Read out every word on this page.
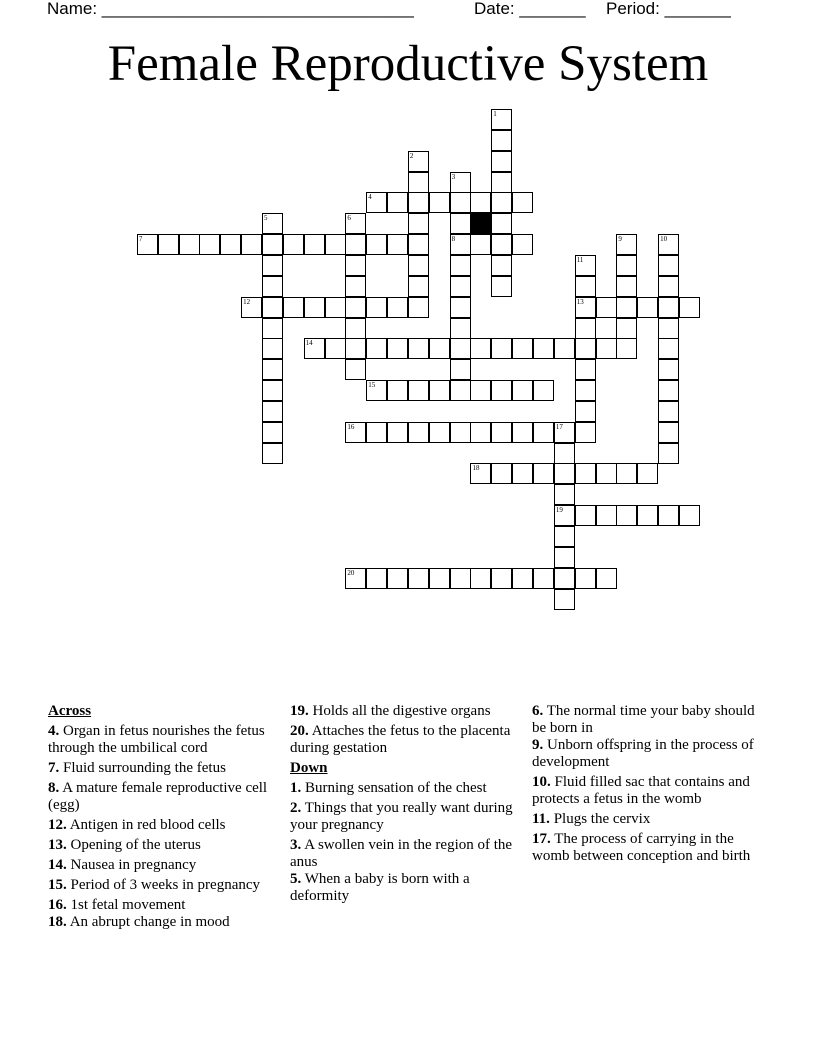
Name: _________________________________	Date: _______ Period: _______
Female Reproductive System
1
2
3
8
4
5	6
7	9	10
11
13
12
14
15
16	17
19
18
20
Across
4. Organ in fetus nourishes the fetus through the umbilical cord
7. Fluid surrounding the fetus
8. A mature female reproductive cell (egg)
12. Antigen in red blood cells
13. Opening of the uterus
14. Nausea in pregnancy
15. Period of 3 weeks in pregnancy
16. 1st fetal movement
18. An abrupt change in mood
19. Holds all the digestive organs
20. Attaches the fetus to the placenta during gestation
Down
1. Burning sensation of the chest
2. Things that you really want during your pregnancy
3. A swollen vein in the region of the anus
5. When a baby is born with a deformity
6. The normal time your baby should be born in
9. Unborn offspring in the process of development
10. Fluid filled sac that contains and protects a fetus in the womb
11. Plugs the cervix
17. The process of carrying in the womb between conception and birth
